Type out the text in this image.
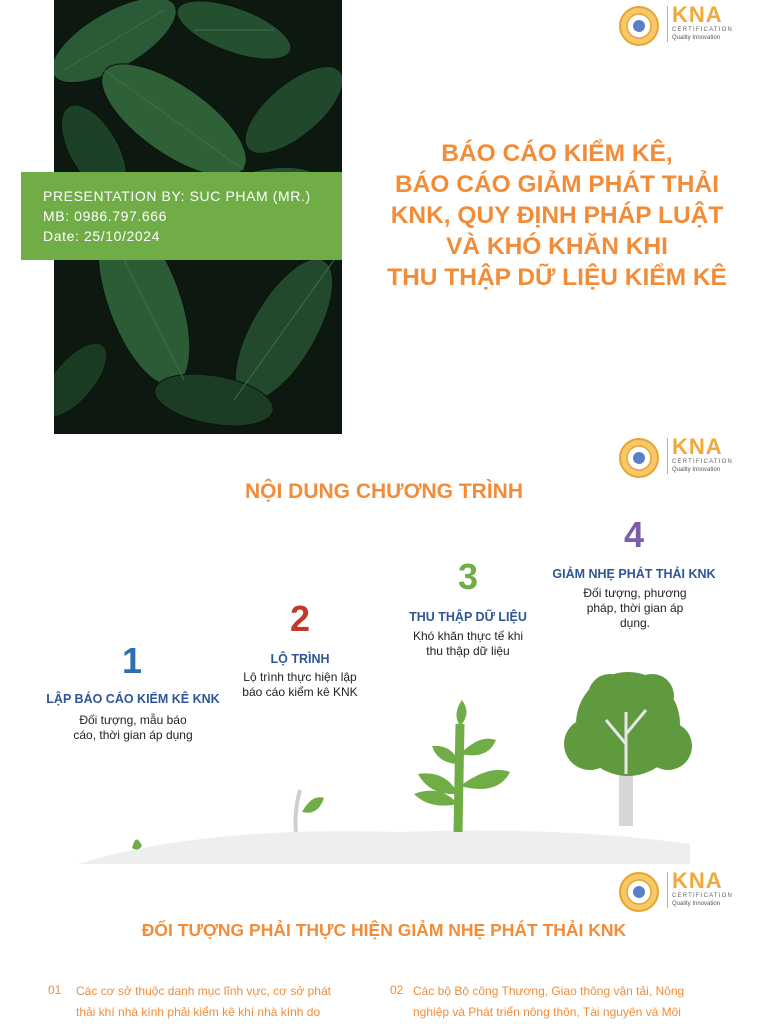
PRESENTATION BY: SUC PHAM (MR.)
MB: 0986.797.666
Date: 25/10/2024
BÁO CÁO KIỂM KÊ,
BÁO CÁO GIẢM PHÁT THẢI
KNK, QUY ĐỊNH PHÁP LUẬT
VÀ KHÓ KHĂN KHI
THU THẬP DỮ LIỆU KIỂM KÊ
KNA
CERTIFICATION
Quality Innovation
KNA
CERTIFICATION
Quality Innovation
NỘI DUNG CHƯƠNG TRÌNH
1
LẬP BÁO CÁO KIỂM KÊ KNK
Đối tượng, mẫu báo
cáo, thời gian áp dụng
2
LỘ TRÌNH
Lộ trình thực hiện lập
báo cáo kiểm kê KNK
3
THU THẬP DỮ LIỆU
Khó khăn thực tế khi
thu thập dữ liệu
4
GIẢM NHẸ PHÁT THẢI KNK
Đối tượng, phương
pháp, thời gian áp
dụng.
KNA
CERTIFICATION
Quality Innovation
ĐỐI TƯỢNG PHẢI THỰC HIỆN GIẢM NHẸ PHÁT THẢI KNK
01 Các cơ sở thuộc danh mục lĩnh vực, cơ sở phát
thải khí nhà kính phải kiểm kê khí nhà kính do
02 Các bộ Bộ công Thương, Giao thông vận tải, Nông
nghiệp và Phát triển nông thôn, Tài nguyên và Môi
